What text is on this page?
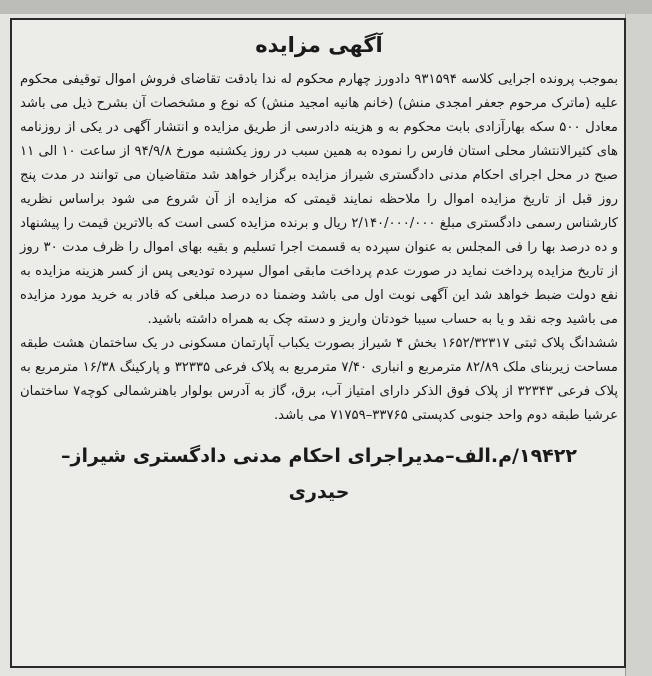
آگهی مزایده

بموجب پرونده اجرایی کلاسه ۹۳۱۵۹۴ دادورز چهارم محکوم له ندا بادقت تقاضای فروش اموال توقیفی محکوم علیه (ماترک مرحوم جعفر امجدی منش) (خانم هانیه امجید منش) که نوع و مشخصات آن بشرح ذیل می باشد معادل ۵۰۰ سکه بهارآزادی بابت محکوم به و هزینه دادرسی از طریق مزایده و انتشار آگهی در یکی از روزنامه های کثیرالانتشار محلی استان فارس را نموده به همین سبب در روز یکشنبه مورخ ۹۴/۹/۸ از ساعت ۱۰ الی ۱۱ صبح در محل اجرای احکام مدنی دادگستری شیراز مزایده برگزار خواهد شد متقاضیان می توانند در مدت پنج روز قبل از تاریخ مزایده اموال را ملاحظه نمایند قیمتی که مزایده از آن شروع می شود براساس نظریه کارشناس رسمی دادگستری مبلغ ۲/۱۴۰/۰۰۰/۰۰۰ ریال و برنده مزایده کسی است که بالاترین قیمت را پیشنهاد و ده درصد بها را فی المجلس به عنوان سپرده به قسمت اجرا تسلیم و بقیه بهای اموال را ظرف مدت ۳۰ روز از تاریخ مزایده پرداخت نماید در صورت عدم پرداخت مابقی اموال سپرده تودیعی پس از کسر هزینه مزایده به نفع دولت ضبط خواهد شد این آگهی نوبت اول می باشد وضمنا ده درصد مبلغی که قادر به خرید مورد مزایده می باشید وجه نقد و یا به حساب سیبا خودتان واریز و دسته چک به همراه داشته باشید.

ششدانگ پلاک ثبتی ۱۶۵۲/۳۲۳۱۷ بخش ۴ شیراز بصورت یکباب آپارتمان مسکونی در یک ساختمان هشت طبقه مساحت زیربنای ملک ۸۲/۸۹ مترمربع و انباری ۷/۴۰ مترمربع به پلاک فرعی ۳۲۳۳۵ و پارکینگ ۱۶/۳۸ مترمربع به پلاک فرعی ۳۲۳۴۳ از پلاک فوق الذکر دارای امتیاز آب، برق، گاز به آدرس بولوار باهنرشمالی کوچه۷ ساختمان عرشیا طبقه دوم واحد جنوبی کدپستی ۳۳۷۶۵–۷۱۷۵۹ می باشد.

۱۹۴۲۲/م.الف–مدیراجرای احکام مدنی دادگستری شیراز–
حیدری
